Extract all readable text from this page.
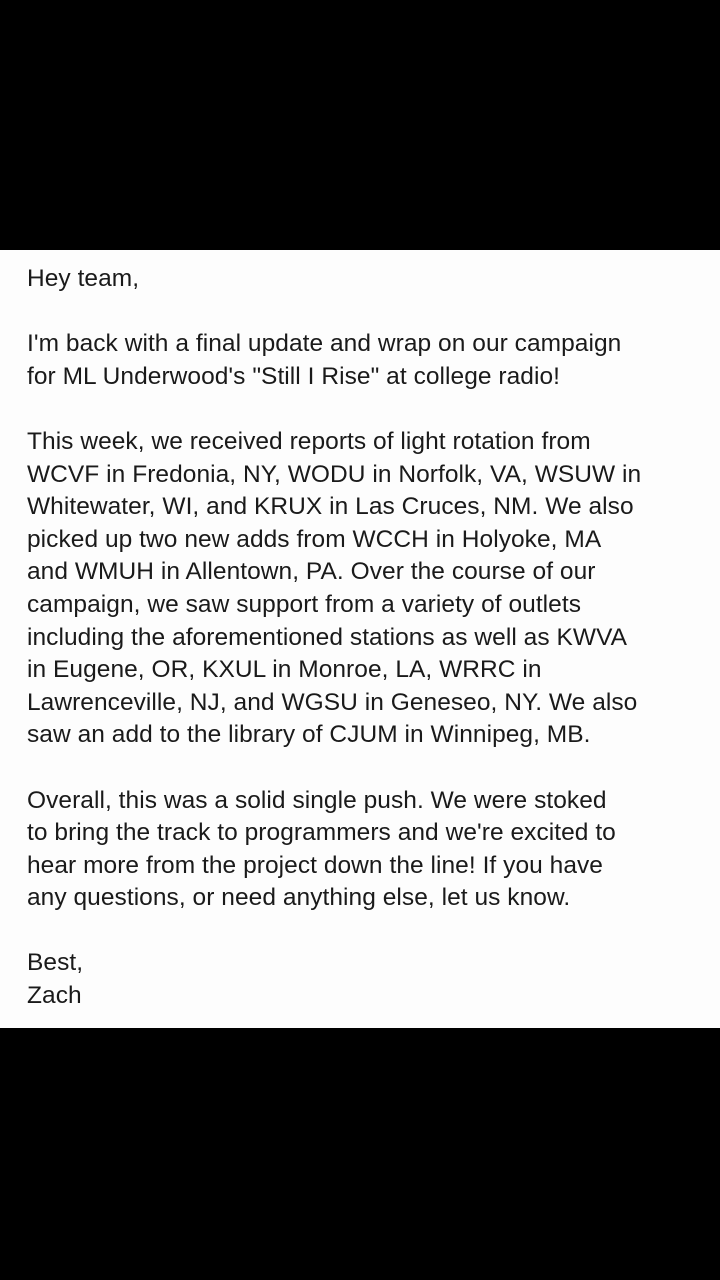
Hey team,

I'm back with a final update and wrap on our campaign
for ML Underwood's "Still I Rise" at college radio!

This week, we received reports of light rotation from
WCVF in Fredonia, NY, WODU in Norfolk, VA, WSUW in
Whitewater, WI, and KRUX in Las Cruces, NM. We also
picked up two new adds from WCCH in Holyoke, MA
and WMUH in Allentown, PA. Over the course of our
campaign, we saw support from a variety of outlets
including the aforementioned stations as well as KWVA
in Eugene, OR, KXUL in Monroe, LA, WRRC in
Lawrenceville, NJ, and WGSU in Geneseo, NY. We also
saw an add to the library of CJUM in Winnipeg, MB.

Overall, this was a solid single push. We were stoked
to bring the track to programmers and we're excited to
hear more from the project down the line! If you have
any questions, or need anything else, let us know.

Best,
Zach
